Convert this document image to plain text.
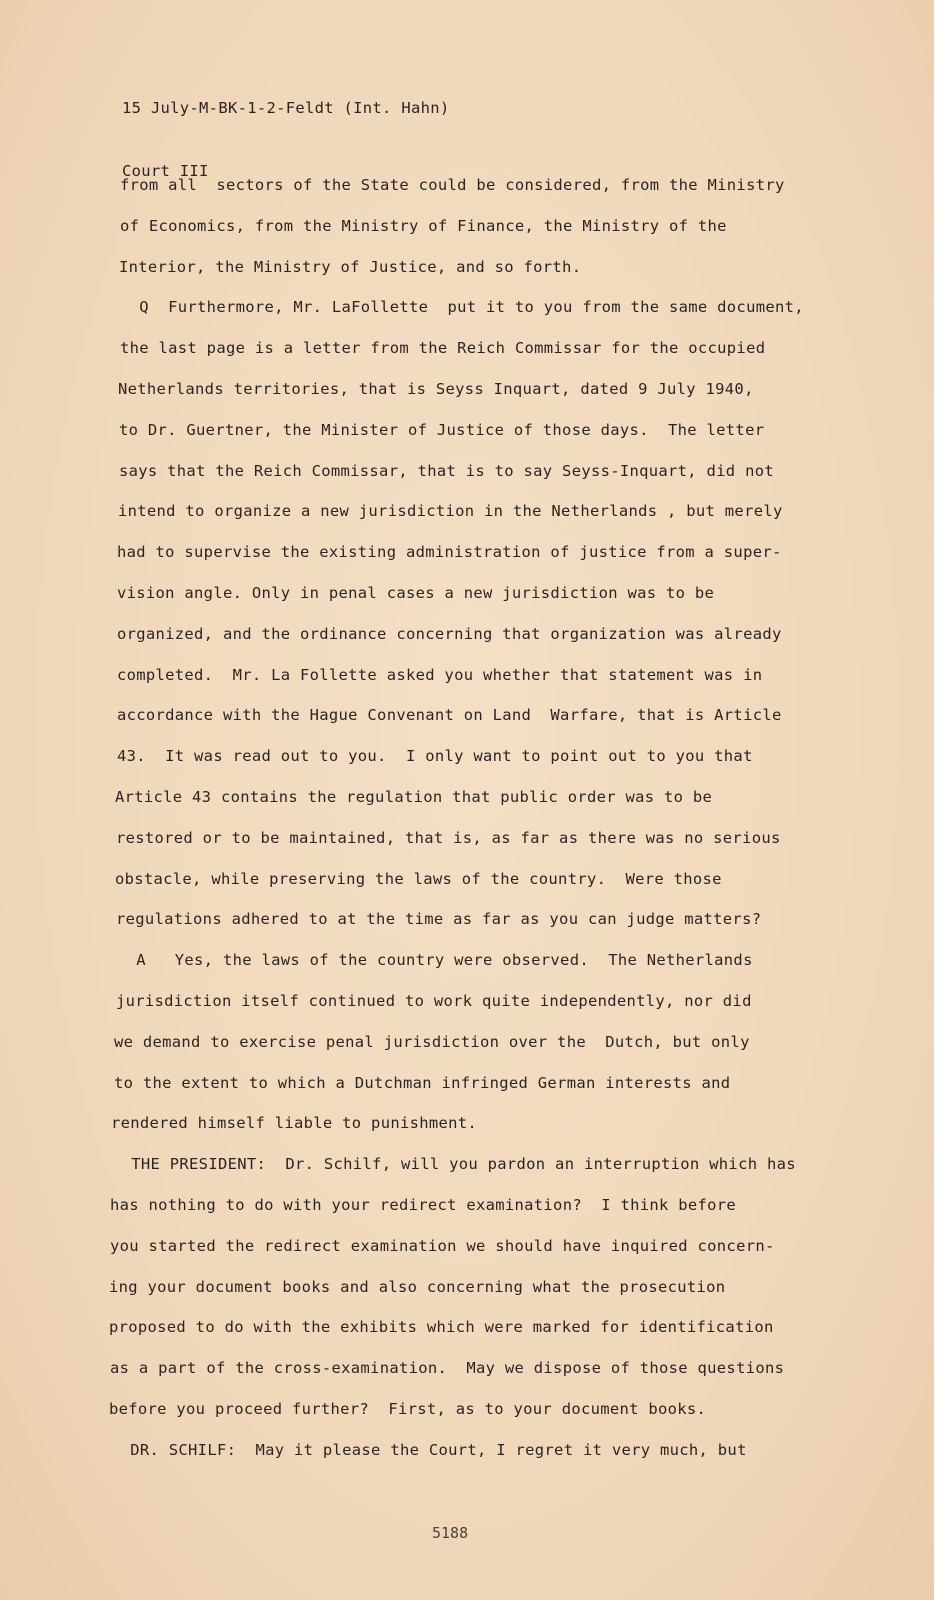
15 July-M-BK-1-2-Feldt (Int. Hahn)

Court III

from all  sectors of the State could be considered, from the Ministry
of Economics, from the Ministry of Finance, the Ministry of the
Interior, the Ministry of Justice, and so forth.
Q  Furthermore, Mr. LaFollette  put it to you from the same document,
the last page is a letter from the Reich Commissar for the occupied
Netherlands territories, that is Seyss Inquart, dated 9 July 1940,
to Dr. Guertner, the Minister of Justice of those days.  The letter
says that the Reich Commissar, that is to say Seyss-Inquart, did not
intend to organize a new jurisdiction in the Netherlands , but merely
had to supervise the existing administration of justice from a super-
vision angle. Only in penal cases a new jurisdiction was to be
organized, and the ordinance concerning that organization was already
completed.  Mr. La Follette asked you whether that statement was in
accordance with the Hague Convenant on Land  Warfare, that is Article
43.  It was read out to you.  I only want to point out to you that
Article 43 contains the regulation that public order was to be
restored or to be maintained, that is, as far as there was no serious
obstacle, while preserving the laws of the country.  Were those
regulations adhered to at the time as far as you can judge matters?
A   Yes, the laws of the country were observed.  The Netherlands
jurisdiction itself continued to work quite independently, nor did
we demand to exercise penal jurisdiction over the  Dutch, but only
to the extent to which a Dutchman infringed German interests and
rendered himself liable to punishment.
THE PRESIDENT:  Dr. Schilf, will you pardon an interruption which has
has nothing to do with your redirect examination?  I think before
you started the redirect examination we should have inquired concern-
ing your document books and also concerning what the prosecution
proposed to do with the exhibits which were marked for identification
as a part of the cross-examination.  May we dispose of those questions
before you proceed further?  First, as to your document books.
DR. SCHILF:  May it please the Court, I regret it very much, but
5188
